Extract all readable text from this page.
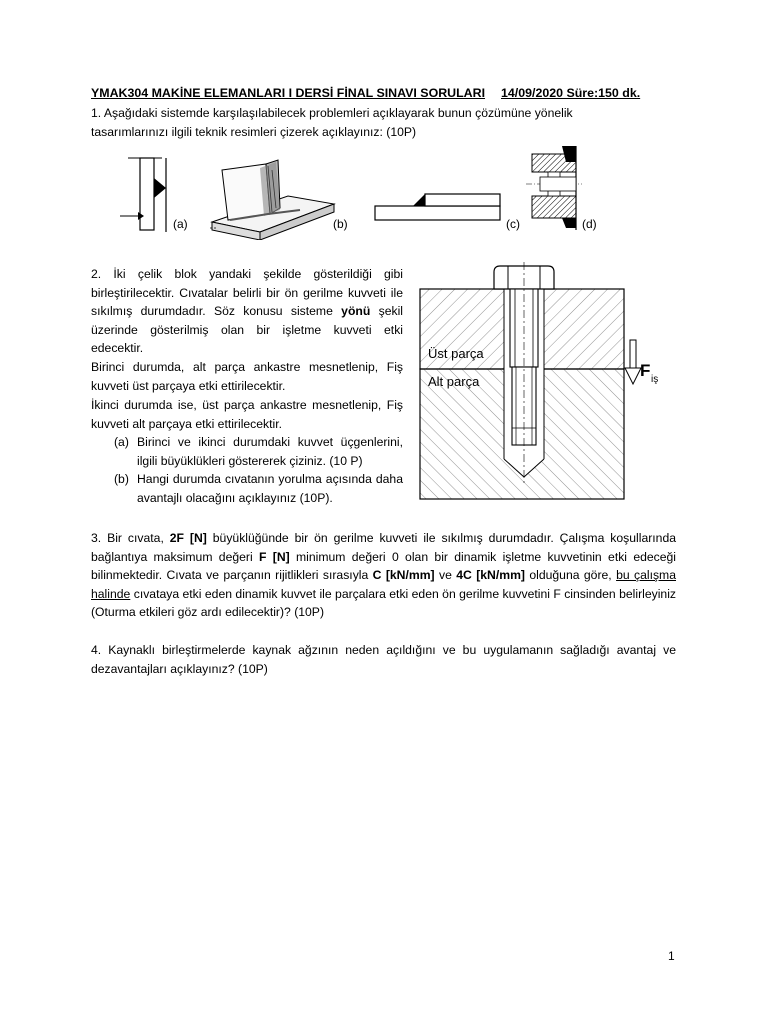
YMAK304 MAKİNE ELEMANLARI I DERSİ FİNAL SINAVI SORULARI 14/09/2020 Süre:150 dk.
1. Aşağıdaki sistemde karşılaşılabilecek problemleri açıklayarak bunun çözümüne yönelik
tasarımlarınızı ilgili teknik resimleri çizerek açıklayınız: (10P)
(a)	(b)	(c)	(d)
2. İki çelik blok yandaki şekilde gösterildiği gibi birleştirilecektir. Cıvatalar belirli bir ön gerilme kuvveti ile sıkılmış durumdadır. Söz konusu sisteme yönü şekil üzerinde gösterilmiş olan bir işletme kuvveti etki edecektir.
Birinci durumda, alt parça ankastre mesnetlenip, Fiş kuvveti üst parçaya etki ettirilecektir.
İkinci durumda ise, üst parça ankastre mesnetlenip, Fiş kuvveti alt parçaya etki ettirilecektir.
(a) Birinci ve ikinci durumdaki kuvvet üçgenlerini, ilgili büyüklükleri göstererek çiziniz. (10 P)
(b) Hangi durumda cıvatanın yorulma açısında daha avantajlı olacağını açıklayınız (10P).
Üst parça
Alt parça
F iş
3. Bir cıvata, 2F [N] büyüklüğünde bir ön gerilme kuvveti ile sıkılmış durumdadır. Çalışma koşullarında bağlantıya maksimum değeri F [N] minimum değeri 0 olan bir dinamik işletme kuvvetinin etki edeceği bilinmektedir. Cıvata ve parçanın rijitlikleri sırasıyla C [kN/mm] ve 4C [kN/mm] olduğuna göre, bu çalışma halinde cıvataya etki eden dinamik kuvvet ile parçalara etki eden ön gerilme kuvvetini F cinsinden belirleyiniz (Oturma etkileri göz ardı edilecektir)? (10P)
4. Kaynaklı birleştirmelerde kaynak ağzının neden açıldığını ve bu uygulamanın sağladığı avantaj ve dezavantajları açıklayınız? (10P)
1
